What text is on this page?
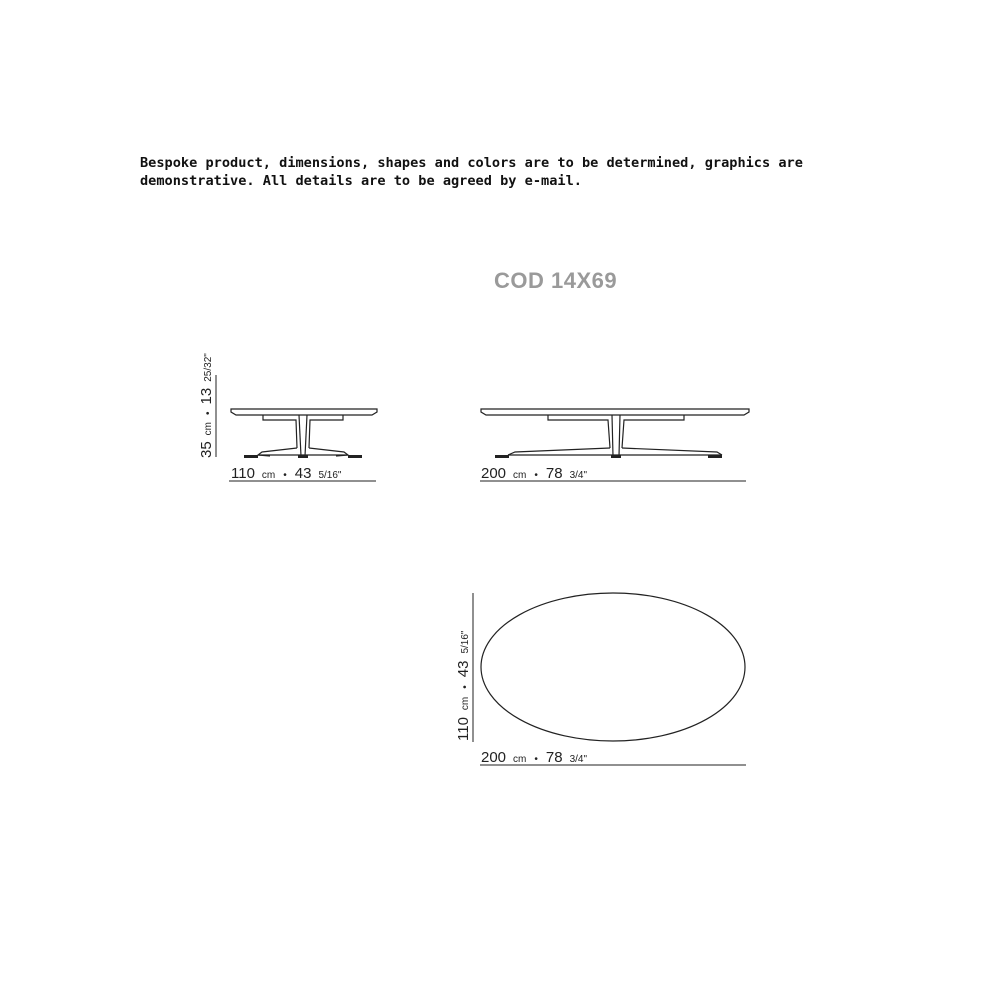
Bespoke product, dimensions, shapes and colors are to be determined, graphics are
demonstrative. All details are to be agreed by e-mail.
COD 14X69
35 cm • 13 25/32"
110 cm • 43 5/16"	200 cm • 78 3/4"
110 cm • 43 5/16"
200 cm • 78 3/4"
